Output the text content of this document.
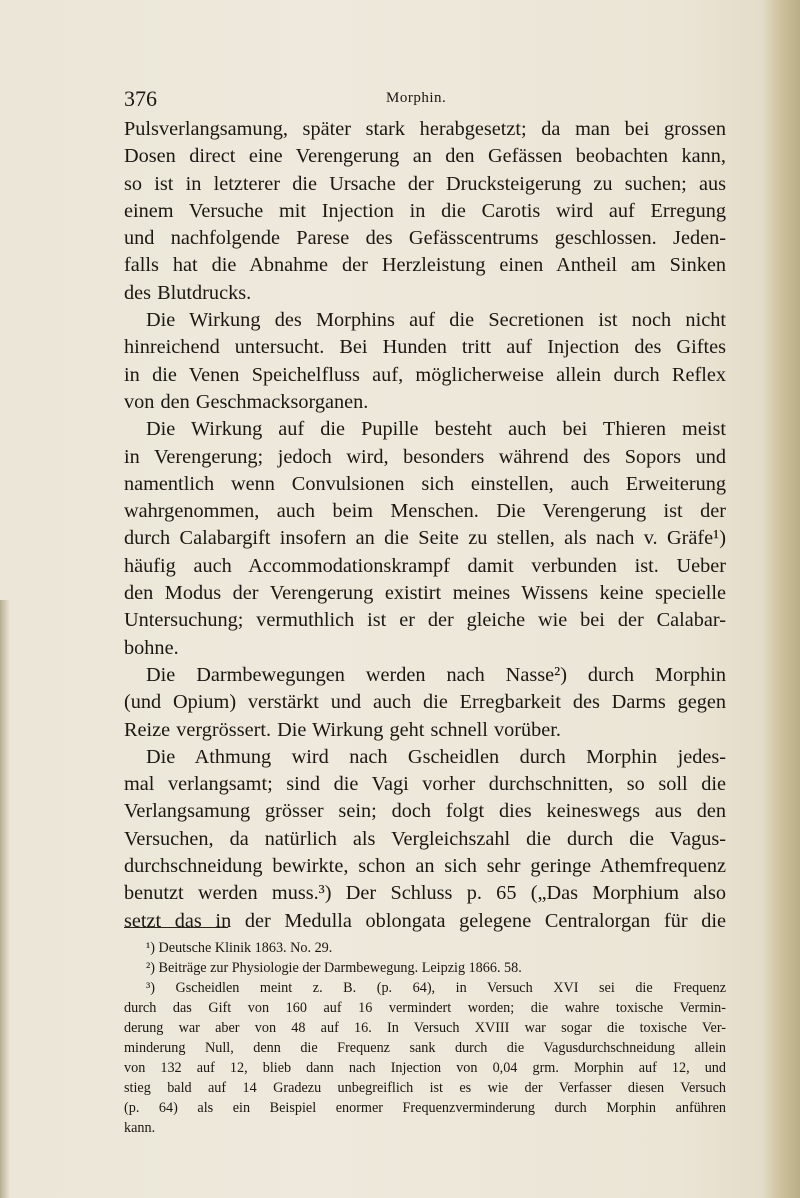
376	Morphin.
Pulsverlangsamung, später stark herabgesetzt; da man bei grossen
Dosen direct eine Verengerung an den Gefässen beobachten kann,
so ist in letzterer die Ursache der Drucksteigerung zu suchen; aus
einem Versuche mit Injection in die Carotis wird auf Erregung
und nachfolgende Parese des Gefässcentrums geschlossen. Jeden-
falls hat die Abnahme der Herzleistung einen Antheil am Sinken
des Blutdrucks.
Die Wirkung des Morphins auf die Secretionen ist noch nicht
hinreichend untersucht. Bei Hunden tritt auf Injection des Giftes
in die Venen Speichelfluss auf, möglicherweise allein durch Reflex
von den Geschmacksorganen.
Die Wirkung auf die Pupille besteht auch bei Thieren meist
in Verengerung; jedoch wird, besonders während des Sopors und
namentlich wenn Convulsionen sich einstellen, auch Erweiterung
wahrgenommen, auch beim Menschen. Die Verengerung ist der
durch Calabargift insofern an die Seite zu stellen, als nach v. Gräfe¹)
häufig auch Accommodationskrampf damit verbunden ist. Ueber
den Modus der Verengerung existirt meines Wissens keine specielle
Untersuchung; vermuthlich ist er der gleiche wie bei der Calabar-
bohne.
Die Darmbewegungen werden nach Nasse²) durch Morphin
(und Opium) verstärkt und auch die Erregbarkeit des Darms gegen
Reize vergrössert. Die Wirkung geht schnell vorüber.
Die Athmung wird nach Gscheidlen durch Morphin jedes-
mal verlangsamt; sind die Vagi vorher durchschnitten, so soll die
Verlangsamung grösser sein; doch folgt dies keineswegs aus den
Versuchen, da natürlich als Vergleichszahl die durch die Vagus-
durchschneidung bewirkte, schon an sich sehr geringe Athemfrequenz
benutzt werden muss.³) Der Schluss p. 65 („Das Morphium also
setzt das in der Medulla oblongata gelegene Centralorgan für die
¹) Deutsche Klinik 1863. No. 29.
²) Beiträge zur Physiologie der Darmbewegung. Leipzig 1866. 58.
³) Gscheidlen meint z. B. (p. 64), in Versuch XVI sei die Frequenz
durch das Gift von 160 auf 16 vermindert worden; die wahre toxische Vermin-
derung war aber von 48 auf 16. In Versuch XVIII war sogar die toxische Ver-
minderung Null, denn die Frequenz sank durch die Vagusdurchschneidung allein
von 132 auf 12, blieb dann nach Injection von 0,04 grm. Morphin auf 12, und
stieg bald auf 14 Gradezu unbegreiflich ist es wie der Verfasser diesen Versuch
(p. 64) als ein Beispiel enormer Frequenzverminderung durch Morphin anführen
kann.
